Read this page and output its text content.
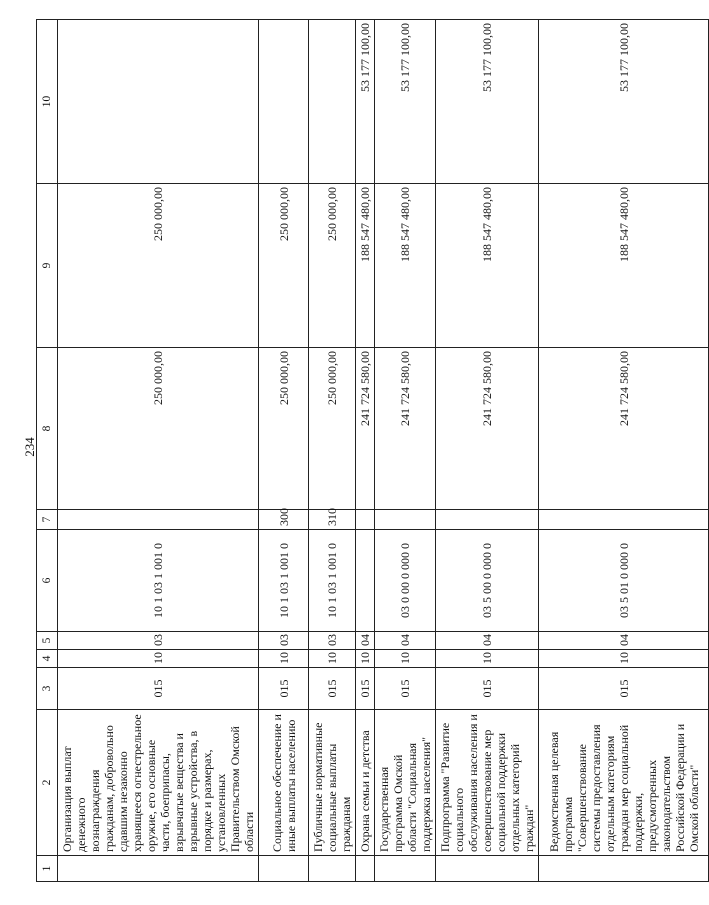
234
1	2	3	4	5	6	7	8	9	10
	Организация выплат денежного вознаграждения гражданам, добровольно сдавшим незаконно хранящееся огнестрельное оружие, его основные части, боеприпасы, взрывчатые вещества и взрывные устройства, в порядке и размерах, установленных Правительством Омской области	015	10	03	10 1 03 1 001 0		250 000,00	250 000,00	
	Социальное обеспечение и иные выплаты населению	015	10	03	10 1 03 1 001 0	300	250 000,00	250 000,00	
	Публичные нормативные социальные выплаты гражданам	015	10	03	10 1 03 1 001 0	310	250 000,00	250 000,00	
	Охрана семьи и детства	015	10	04			241 724 580,00	188 547 480,00	53 177 100,00
	Государственная программа Омской области "Социальная поддержка населения"	015	10	04	03 0 00 0 000 0		241 724 580,00	188 547 480,00	53 177 100,00
	Подпрограмма "Развитие социального обслуживания населения и совершенствование мер социальной поддержки отдельных категорий граждан"	015	10	04	03 5 00 0 000 0		241 724 580,00	188 547 480,00	53 177 100,00
	Ведомственная целевая программа "Совершенствование системы предоставления отдельным категориям граждан мер социальной поддержки, предусмотренных законодательством Российской Федерации и Омской области"	015	10	04	03 5 01 0 000 0		241 724 580,00	188 547 480,00	53 177 100,00
